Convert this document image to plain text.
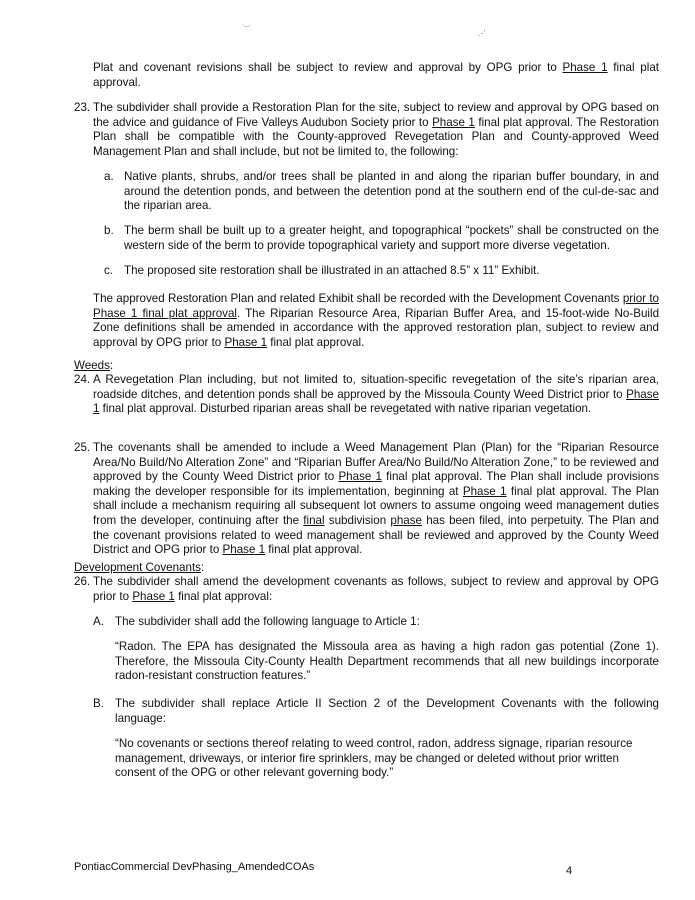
︶	.-'
Plat and covenant revisions shall be subject to review and approval by OPG prior to Phase 1 final plat approval.
23. The subdivider shall provide a Restoration Plan for the site, subject to review and approval by OPG based on the advice and guidance of Five Valleys Audubon Society prior to Phase 1 final plat approval. The Restoration Plan shall be compatible with the County-approved Revegetation Plan and County-approved Weed Management Plan and shall include, but not be limited to, the following:
a. Native plants, shrubs, and/or trees shall be planted in and along the riparian buffer boundary, in and around the detention ponds, and between the detention pond at the southern end of the cul-de-sac and the riparian area.
b. The berm shall be built up to a greater height, and topographical “pockets” shall be constructed on the western side of the berm to provide topographical variety and support more diverse vegetation.
c. The proposed site restoration shall be illustrated in an attached 8.5” x 11” Exhibit.
The approved Restoration Plan and related Exhibit shall be recorded with the Development Covenants prior to Phase 1 final plat approval. The Riparian Resource Area, Riparian Buffer Area, and 15-foot-wide No-Build Zone definitions shall be amended in accordance with the approved restoration plan, subject to review and approval by OPG prior to Phase 1 final plat approval.
Weeds:
24. A Revegetation Plan including, but not limited to, situation-specific revegetation of the site’s riparian area, roadside ditches, and detention ponds shall be approved by the Missoula County Weed District prior to Phase 1 final plat approval. Disturbed riparian areas shall be revegetated with native riparian vegetation.
25. The covenants shall be amended to include a Weed Management Plan (Plan) for the “Riparian Resource Area/No Build/No Alteration Zone” and “Riparian Buffer Area/No Build/No Alteration Zone,” to be reviewed and approved by the County Weed District prior to Phase 1 final plat approval. The Plan shall include provisions making the developer responsible for its implementation, beginning at Phase 1 final plat approval. The Plan shall include a mechanism requiring all subsequent lot owners to assume ongoing weed management duties from the developer, continuing after the final subdivision phase has been filed, into perpetuity. The Plan and the covenant provisions related to weed management shall be reviewed and approved by the County Weed District and OPG prior to Phase 1 final plat approval.
Development Covenants:
26. The subdivider shall amend the development covenants as follows, subject to review and approval by OPG prior to Phase 1 final plat approval:
A. The subdivider shall add the following language to Article 1:
“Radon. The EPA has designated the Missoula area as having a high radon gas potential (Zone 1). Therefore, the Missoula City-County Health Department recommends that all new buildings incorporate radon-resistant construction features.”
B. The subdivider shall replace Article II Section 2 of the Development Covenants with the following language:
“No covenants or sections thereof relating to weed control, radon, address signage, riparian resource management, driveways, or interior fire sprinklers, may be changed or deleted without prior written consent of the OPG or other relevant governing body.”
PontiacCommercial DevPhasing_AmendedCOAs	4
